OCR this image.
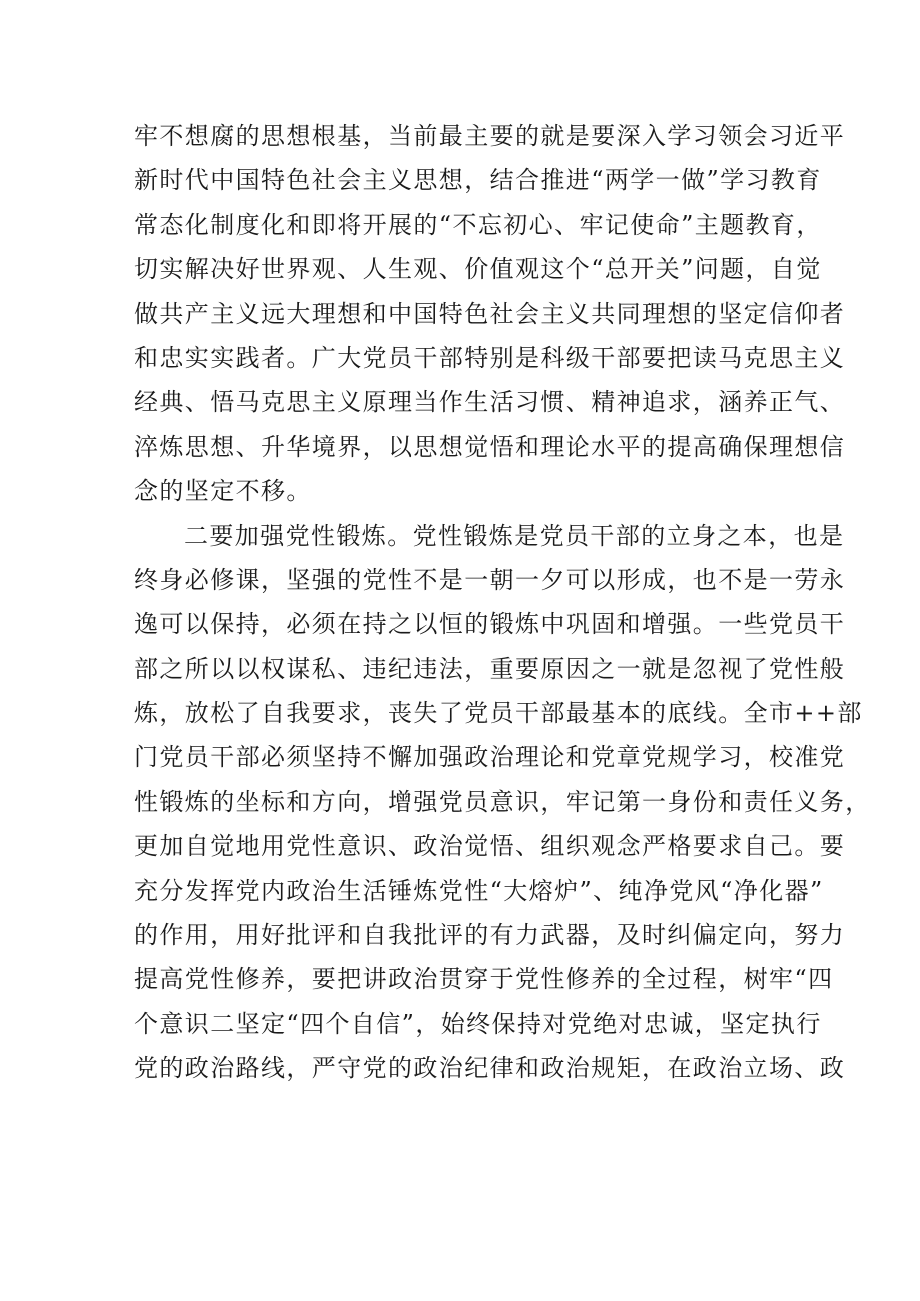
牢不想腐的思想根基，当前最主要的就是要深入学习领会习近平
新时代中国特色社会主义思想，结合推进“两学一做”学习教育
常态化制度化和即将开展的“不忘初心、牢记使命”主题教育，
切实解决好世界观、人生观、价值观这个“总开关”问题，自觉
做共产主义远大理想和中国特色社会主义共同理想的坚定信仰者
和忠实实践者。广大党员干部特别是科级干部要把读马克思主义
经典、悟马克思主义原理当作生活习惯、精神追求，涵养正气、
淬炼思想、升华境界，以思想觉悟和理论水平的提高确保理想信
念的坚定不移。
二要加强党性锻炼。党性锻炼是党员干部的立身之本，也是
终身必修课，坚强的党性不是一朝一夕可以形成，也不是一劳永
逸可以保持，必须在持之以恒的锻炼中巩固和增强。一些党员干
部之所以以权谋私、违纪违法，重要原因之一就是忽视了党性般
炼，放松了自我要求，丧失了党员干部最基本的底线。全市++部
门党员干部必须坚持不懈加强政治理论和党章党规学习，校准党
性锻炼的坐标和方向，增强党员意识，牢记第一身份和责任义务，
更加自觉地用党性意识、政治觉悟、组织观念严格要求自己。要
充分发挥党内政治生活锤炼党性“大熔炉”、纯净党风“净化器”
的作用，用好批评和自我批评的有力武器，及时纠偏定向，努力
提高党性修养，要把讲政治贯穿于党性修养的全过程，树牢“四
个意识二坚定“四个自信”，始终保持对党绝对忠诚，坚定执行
党的政治路线，严守党的政治纪律和政治规矩，在政治立场、政
